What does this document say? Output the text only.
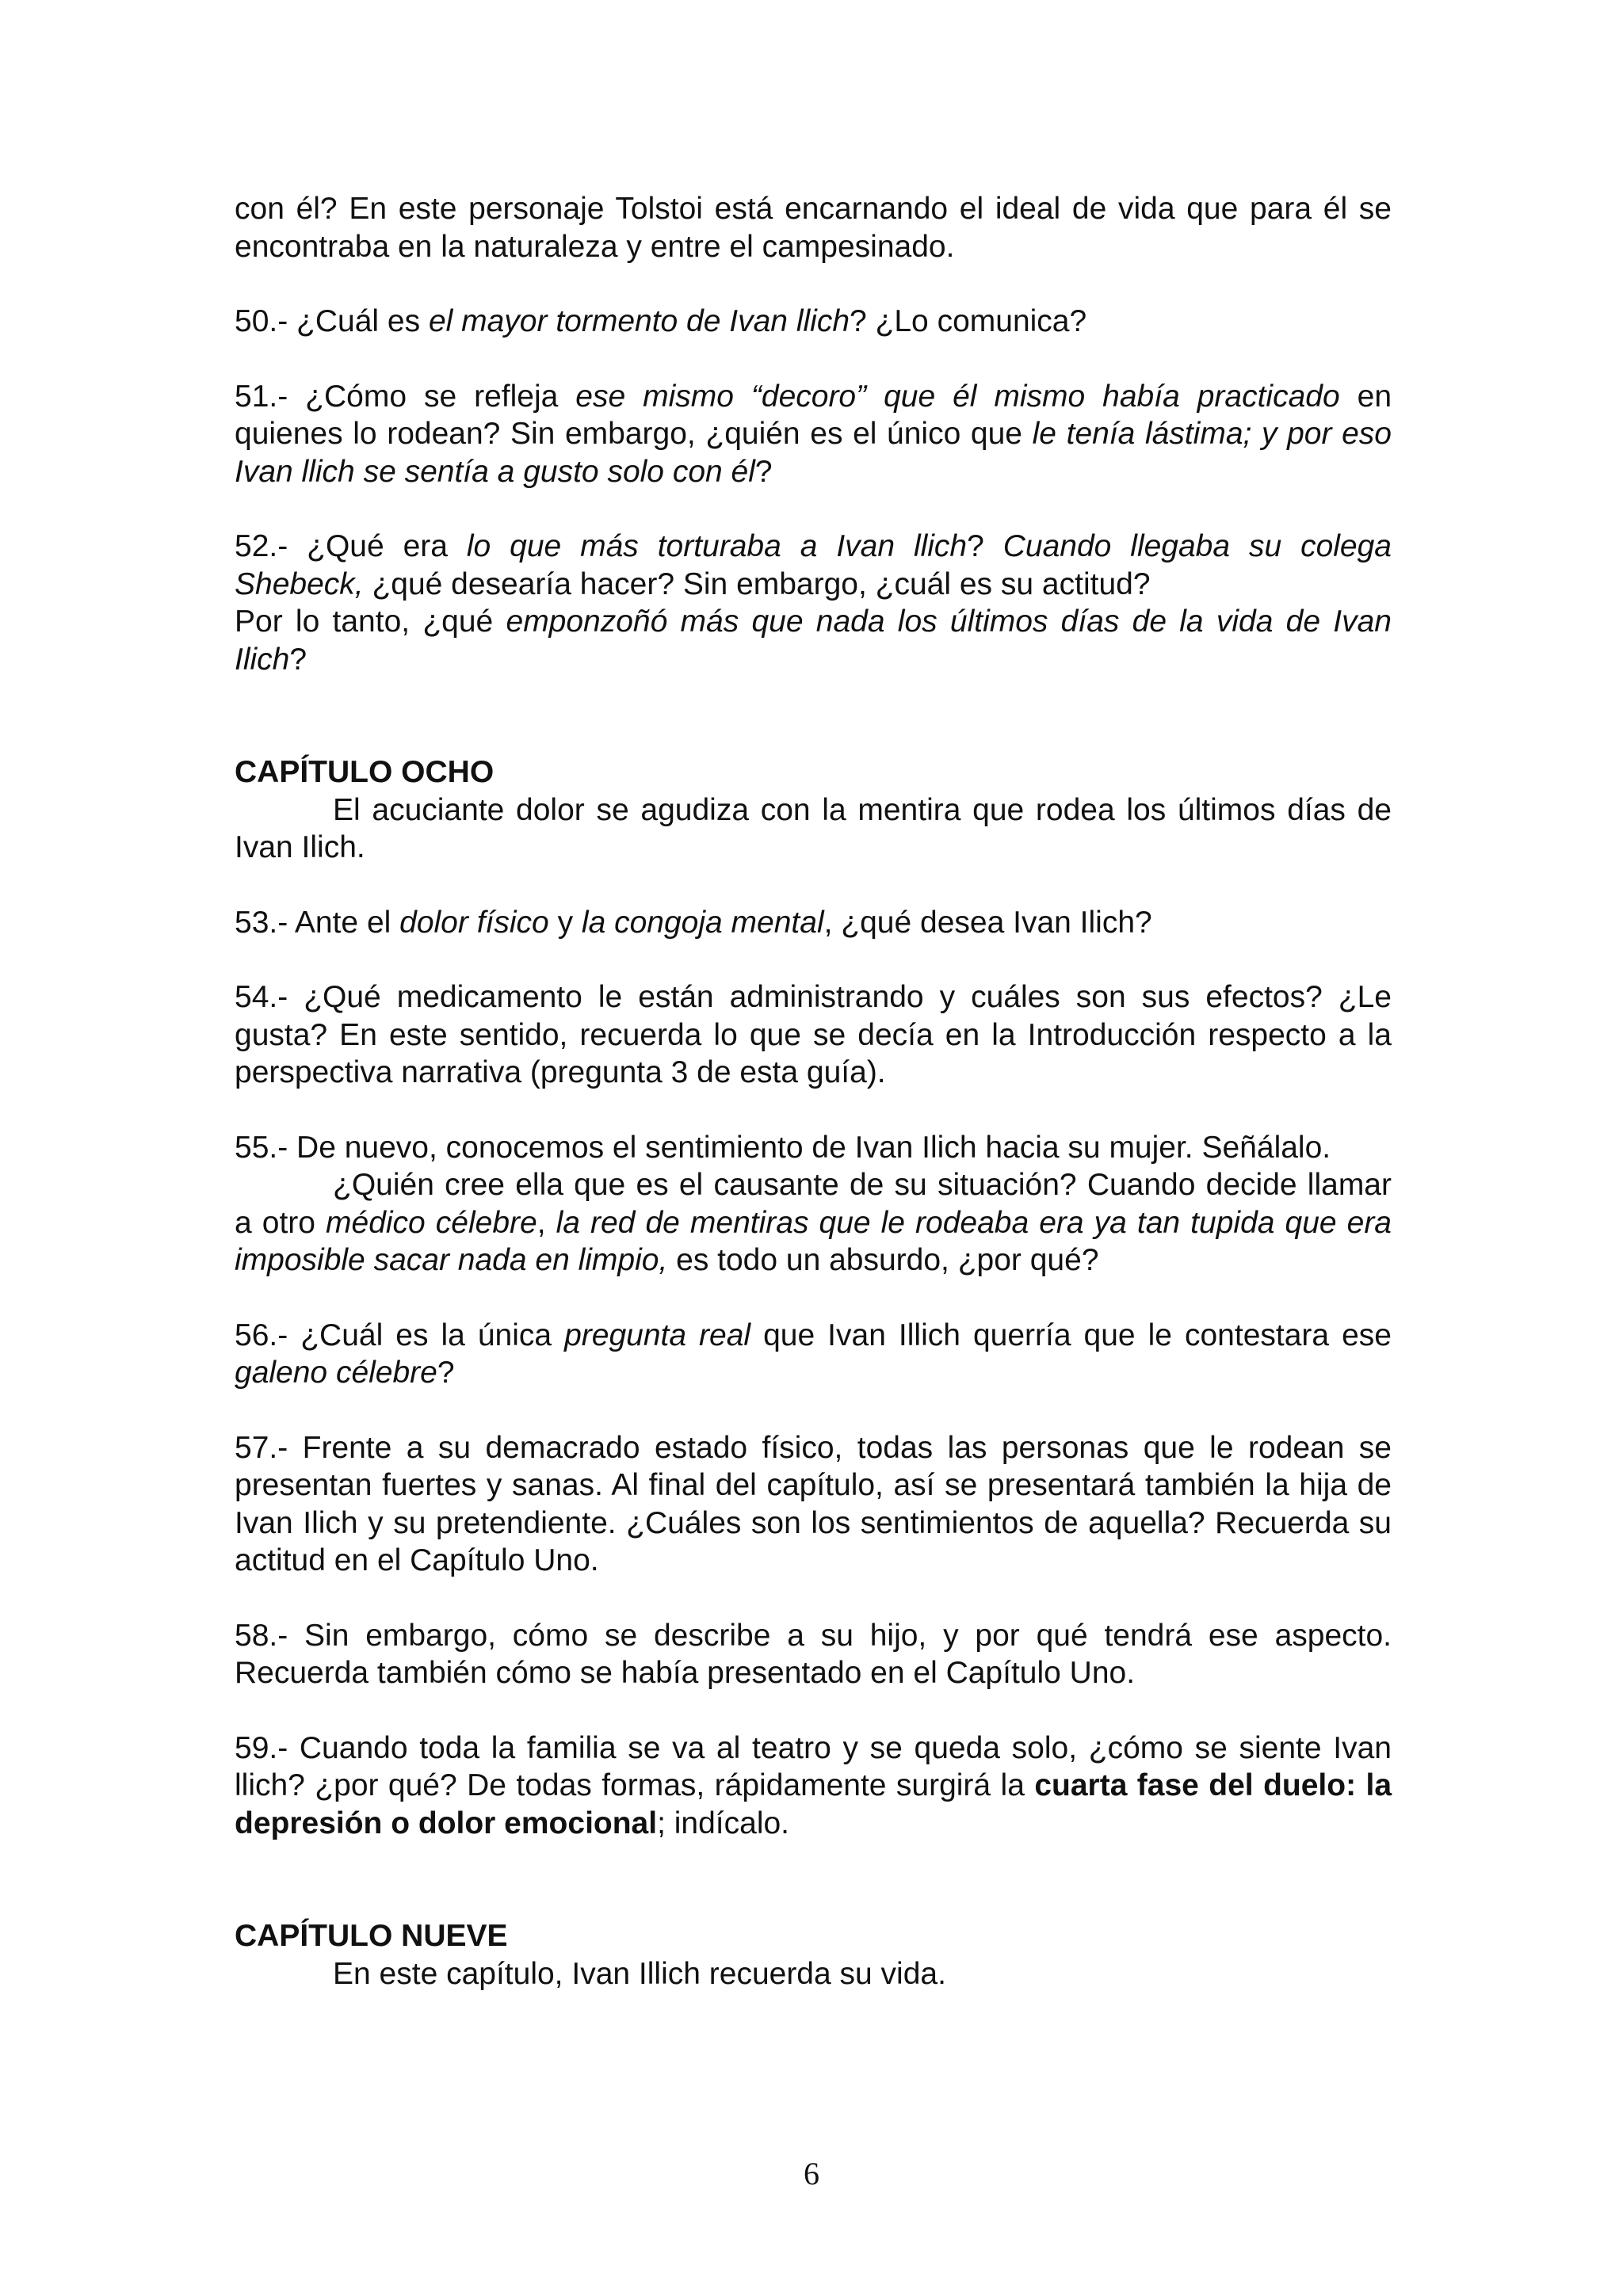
con él? En este personaje Tolstoi está encarnando el ideal de vida que para él se encontraba en la naturaleza y entre el campesinado.

50.- ¿Cuál es el mayor tormento de Ivan llich? ¿Lo comunica?

51.- ¿Cómo se refleja ese mismo “decoro” que él mismo había practicado en quienes lo rodean? Sin embargo, ¿quién es el único que le tenía lástima; y por eso Ivan llich se sentía a gusto solo con él?

52.- ¿Qué era lo que más torturaba a Ivan llich? Cuando llegaba su colega Shebeck, ¿qué desearía hacer? Sin embargo, ¿cuál es su actitud?

Por lo tanto, ¿qué emponzoñó más que nada los últimos días de la vida de Ivan Ilich?

CAPÍTULO OCHO

El acuciante dolor se agudiza con la mentira que rodea los últimos días de Ivan Ilich.

53.- Ante el dolor físico y la congoja mental, ¿qué desea Ivan Ilich?

54.- ¿Qué medicamento le están administrando y cuáles son sus efectos? ¿Le gusta? En este sentido, recuerda lo que se decía en la Introducción respecto a la perspectiva narrativa (pregunta 3 de esta guía).

55.- De nuevo, conocemos el sentimiento de Ivan Ilich hacia su mujer. Señálalo.

¿Quién cree ella que es el causante de su situación? Cuando decide llamar a otro médico célebre, la red de mentiras que le rodeaba era ya tan tupida que era imposible sacar nada en limpio, es todo un absurdo, ¿por qué?

56.- ¿Cuál es la única pregunta real que Ivan Illich querría que le contestara ese galeno célebre?

57.- Frente a su demacrado estado físico, todas las personas que le rodean se presentan fuertes y sanas. Al final del capítulo, así se presentará también la hija de Ivan Ilich y su pretendiente. ¿Cuáles son los sentimientos de aquella? Recuerda su actitud en el Capítulo Uno.

58.- Sin embargo, cómo se describe a su hijo, y por qué tendrá ese aspecto. Recuerda también cómo se había presentado en el Capítulo Uno.

59.- Cuando toda la familia se va al teatro y se queda solo, ¿cómo se siente Ivan llich? ¿por qué? De todas formas, rápidamente surgirá la cuarta fase del duelo: la depresión o dolor emocional; indícalo.

CAPÍTULO NUEVE

En este capítulo, Ivan Illich recuerda su vida.

6
